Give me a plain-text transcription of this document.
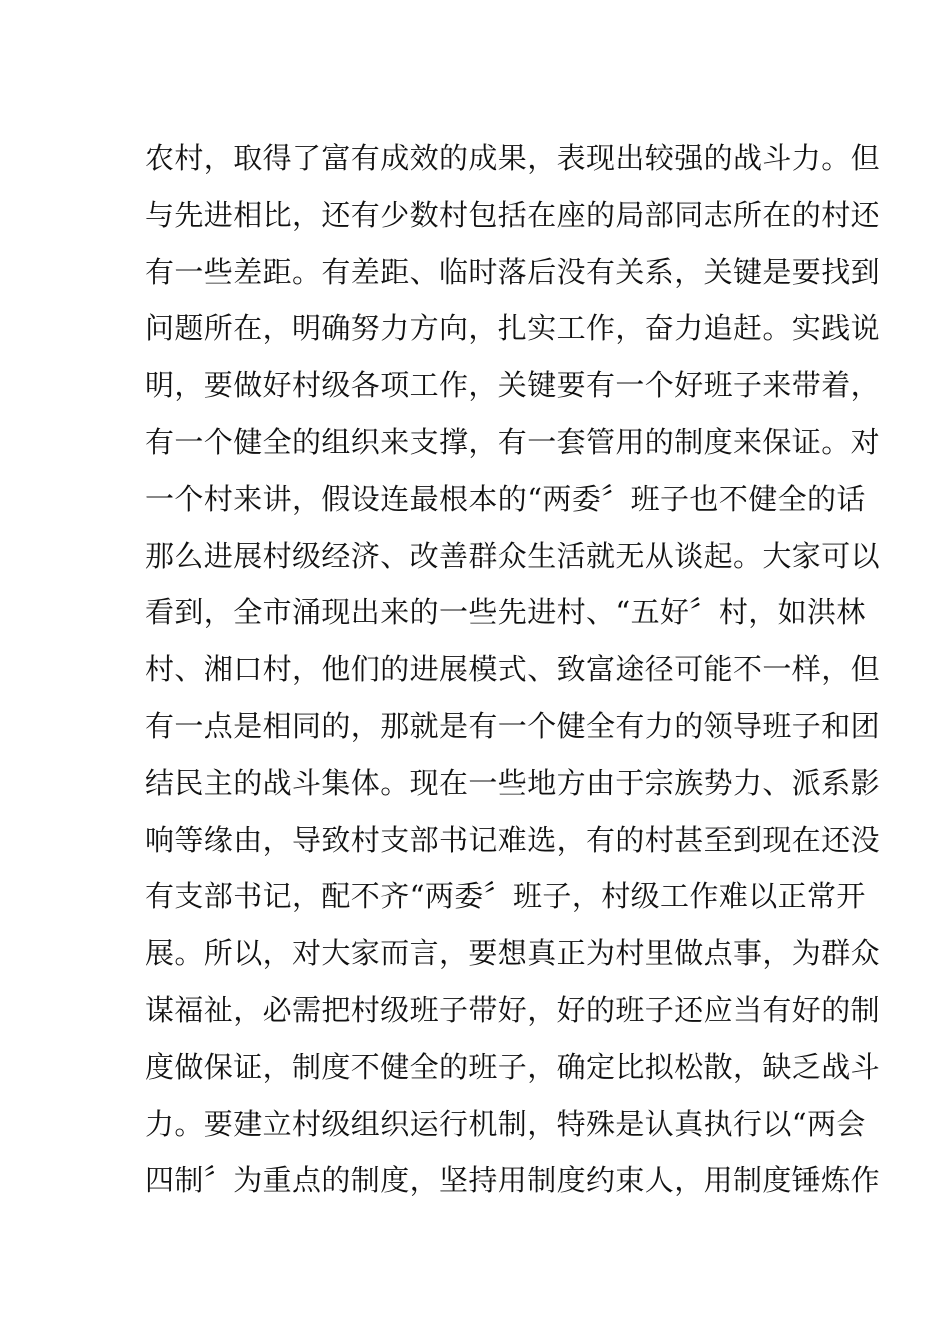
农村，取得了富有成效的成果，表现出较强的战斗力。但
与先进相比，还有少数村包括在座的局部同志所在的村还
有一些差距。有差距、临时落后没有关系，关键是要找到
问题所在，明确努力方向，扎实工作，奋力追赶。实践说
明，要做好村级各项工作，关键要有一个好班子来带着，
有一个健全的组织来支撑，有一套管用的制度来保证。对
一个村来讲，假设连最根本的“两委〞班子也不健全的话
那么进展村级经济、改善群众生活就无从谈起。大家可以
看到，全市涌现出来的一些先进村、“五好〞村，如洪林
村、湘口村，他们的进展模式、致富途径可能不一样，但
有一点是相同的，那就是有一个健全有力的领导班子和团
结民主的战斗集体。现在一些地方由于宗族势力、派系影
响等缘由，导致村支部书记难选，有的村甚至到现在还没
有支部书记，配不齐“两委〞班子，村级工作难以正常开
展。所以，对大家而言，要想真正为村里做点事，为群众
谋福祉，必需把村级班子带好，好的班子还应当有好的制
度做保证，制度不健全的班子，确定比拟松散，缺乏战斗
力。要建立村级组织运行机制，特殊是认真执行以“两会
四制〞为重点的制度，坚持用制度约束人，用制度锤炼作
